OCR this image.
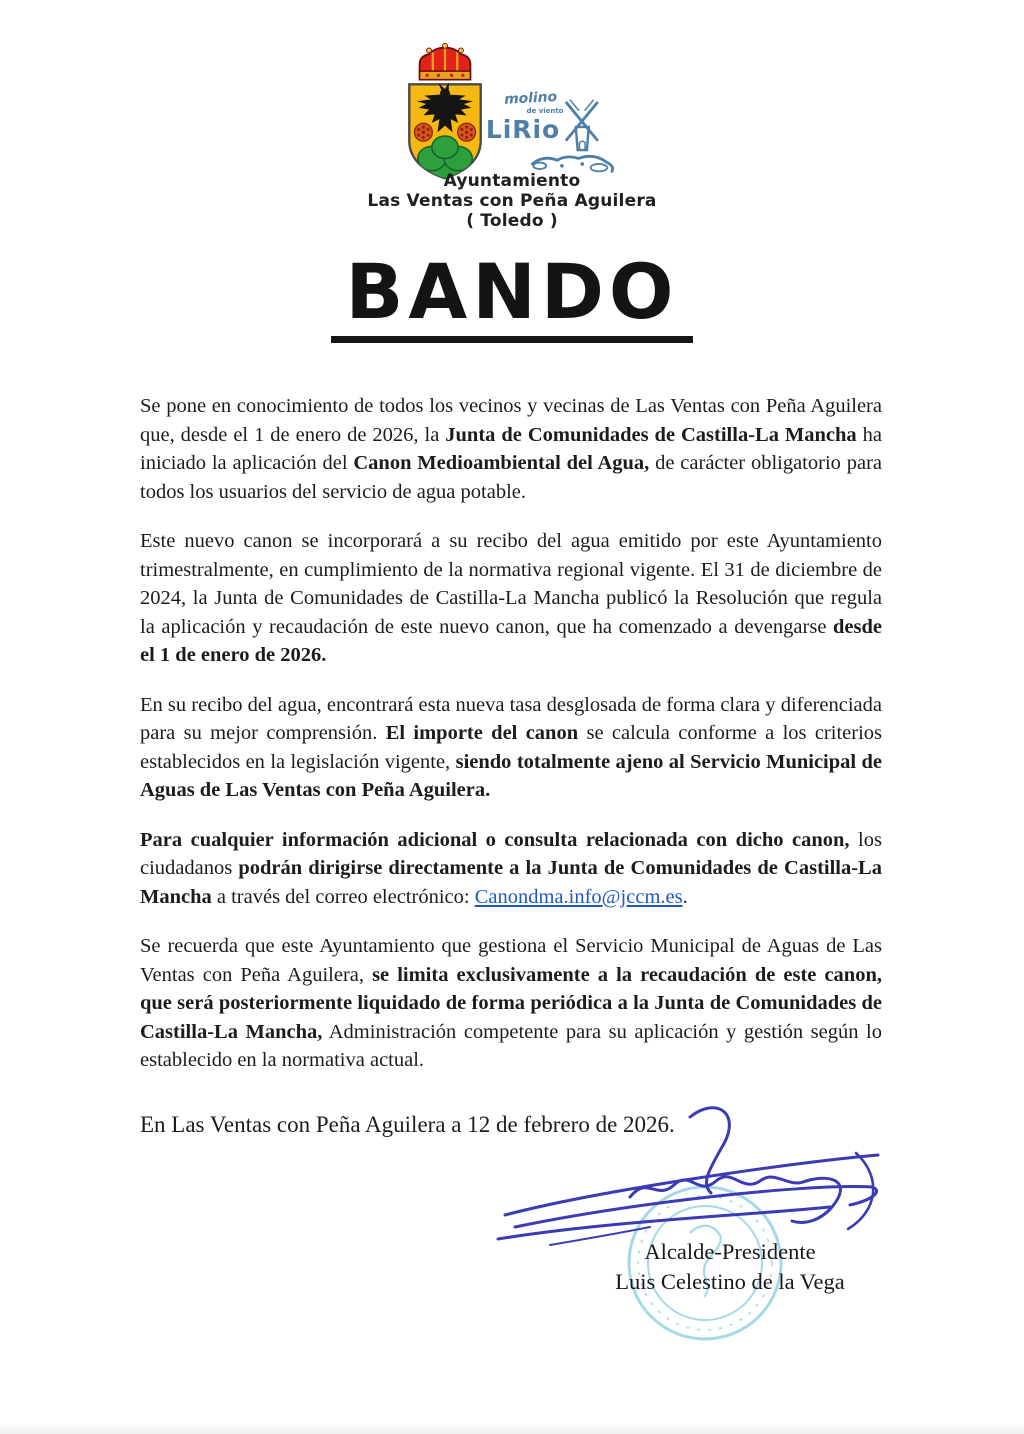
molino
de viento
LiRio
Ayuntamiento
Las Ventas con Peña Aguilera
( Toledo )
BANDO

Se pone en conocimiento de todos los vecinos y vecinas de Las Ventas con Peña Aguilera que, desde el 1 de enero de 2026, la Junta de Comunidades de Castilla-La Mancha ha iniciado la aplicación del Canon Medioambiental del Agua, de carácter obligatorio para todos los usuarios del servicio de agua potable.

Este nuevo canon se incorporará a su recibo del agua emitido por este Ayuntamiento trimestralmente, en cumplimiento de la normativa regional vigente. El 31 de diciembre de 2024, la Junta de Comunidades de Castilla-La Mancha publicó la Resolución que regula la aplicación y recaudación de este nuevo canon, que ha comenzado a devengarse desde el 1 de enero de 2026.

En su recibo del agua, encontrará esta nueva tasa desglosada de forma clara y diferenciada para su mejor comprensión. El importe del canon se calcula conforme a los criterios establecidos en la legislación vigente, siendo totalmente ajeno al Servicio Municipal de Aguas de Las Ventas con Peña Aguilera.

Para cualquier información adicional o consulta relacionada con dicho canon, los ciudadanos podrán dirigirse directamente a la Junta de Comunidades de Castilla-La Mancha a través del correo electrónico: Canondma.info@jccm.es.

Se recuerda que este Ayuntamiento que gestiona el Servicio Municipal de Aguas de Las Ventas con Peña Aguilera, se limita exclusivamente a la recaudación de este canon, que será posteriormente liquidado de forma periódica a la Junta de Comunidades de Castilla-La Mancha, Administración competente para su aplicación y gestión según lo establecido en la normativa actual.

En Las Ventas con Peña Aguilera a 12 de febrero de 2026.
Alcalde-Presidente
Luis Celestino de la Vega
